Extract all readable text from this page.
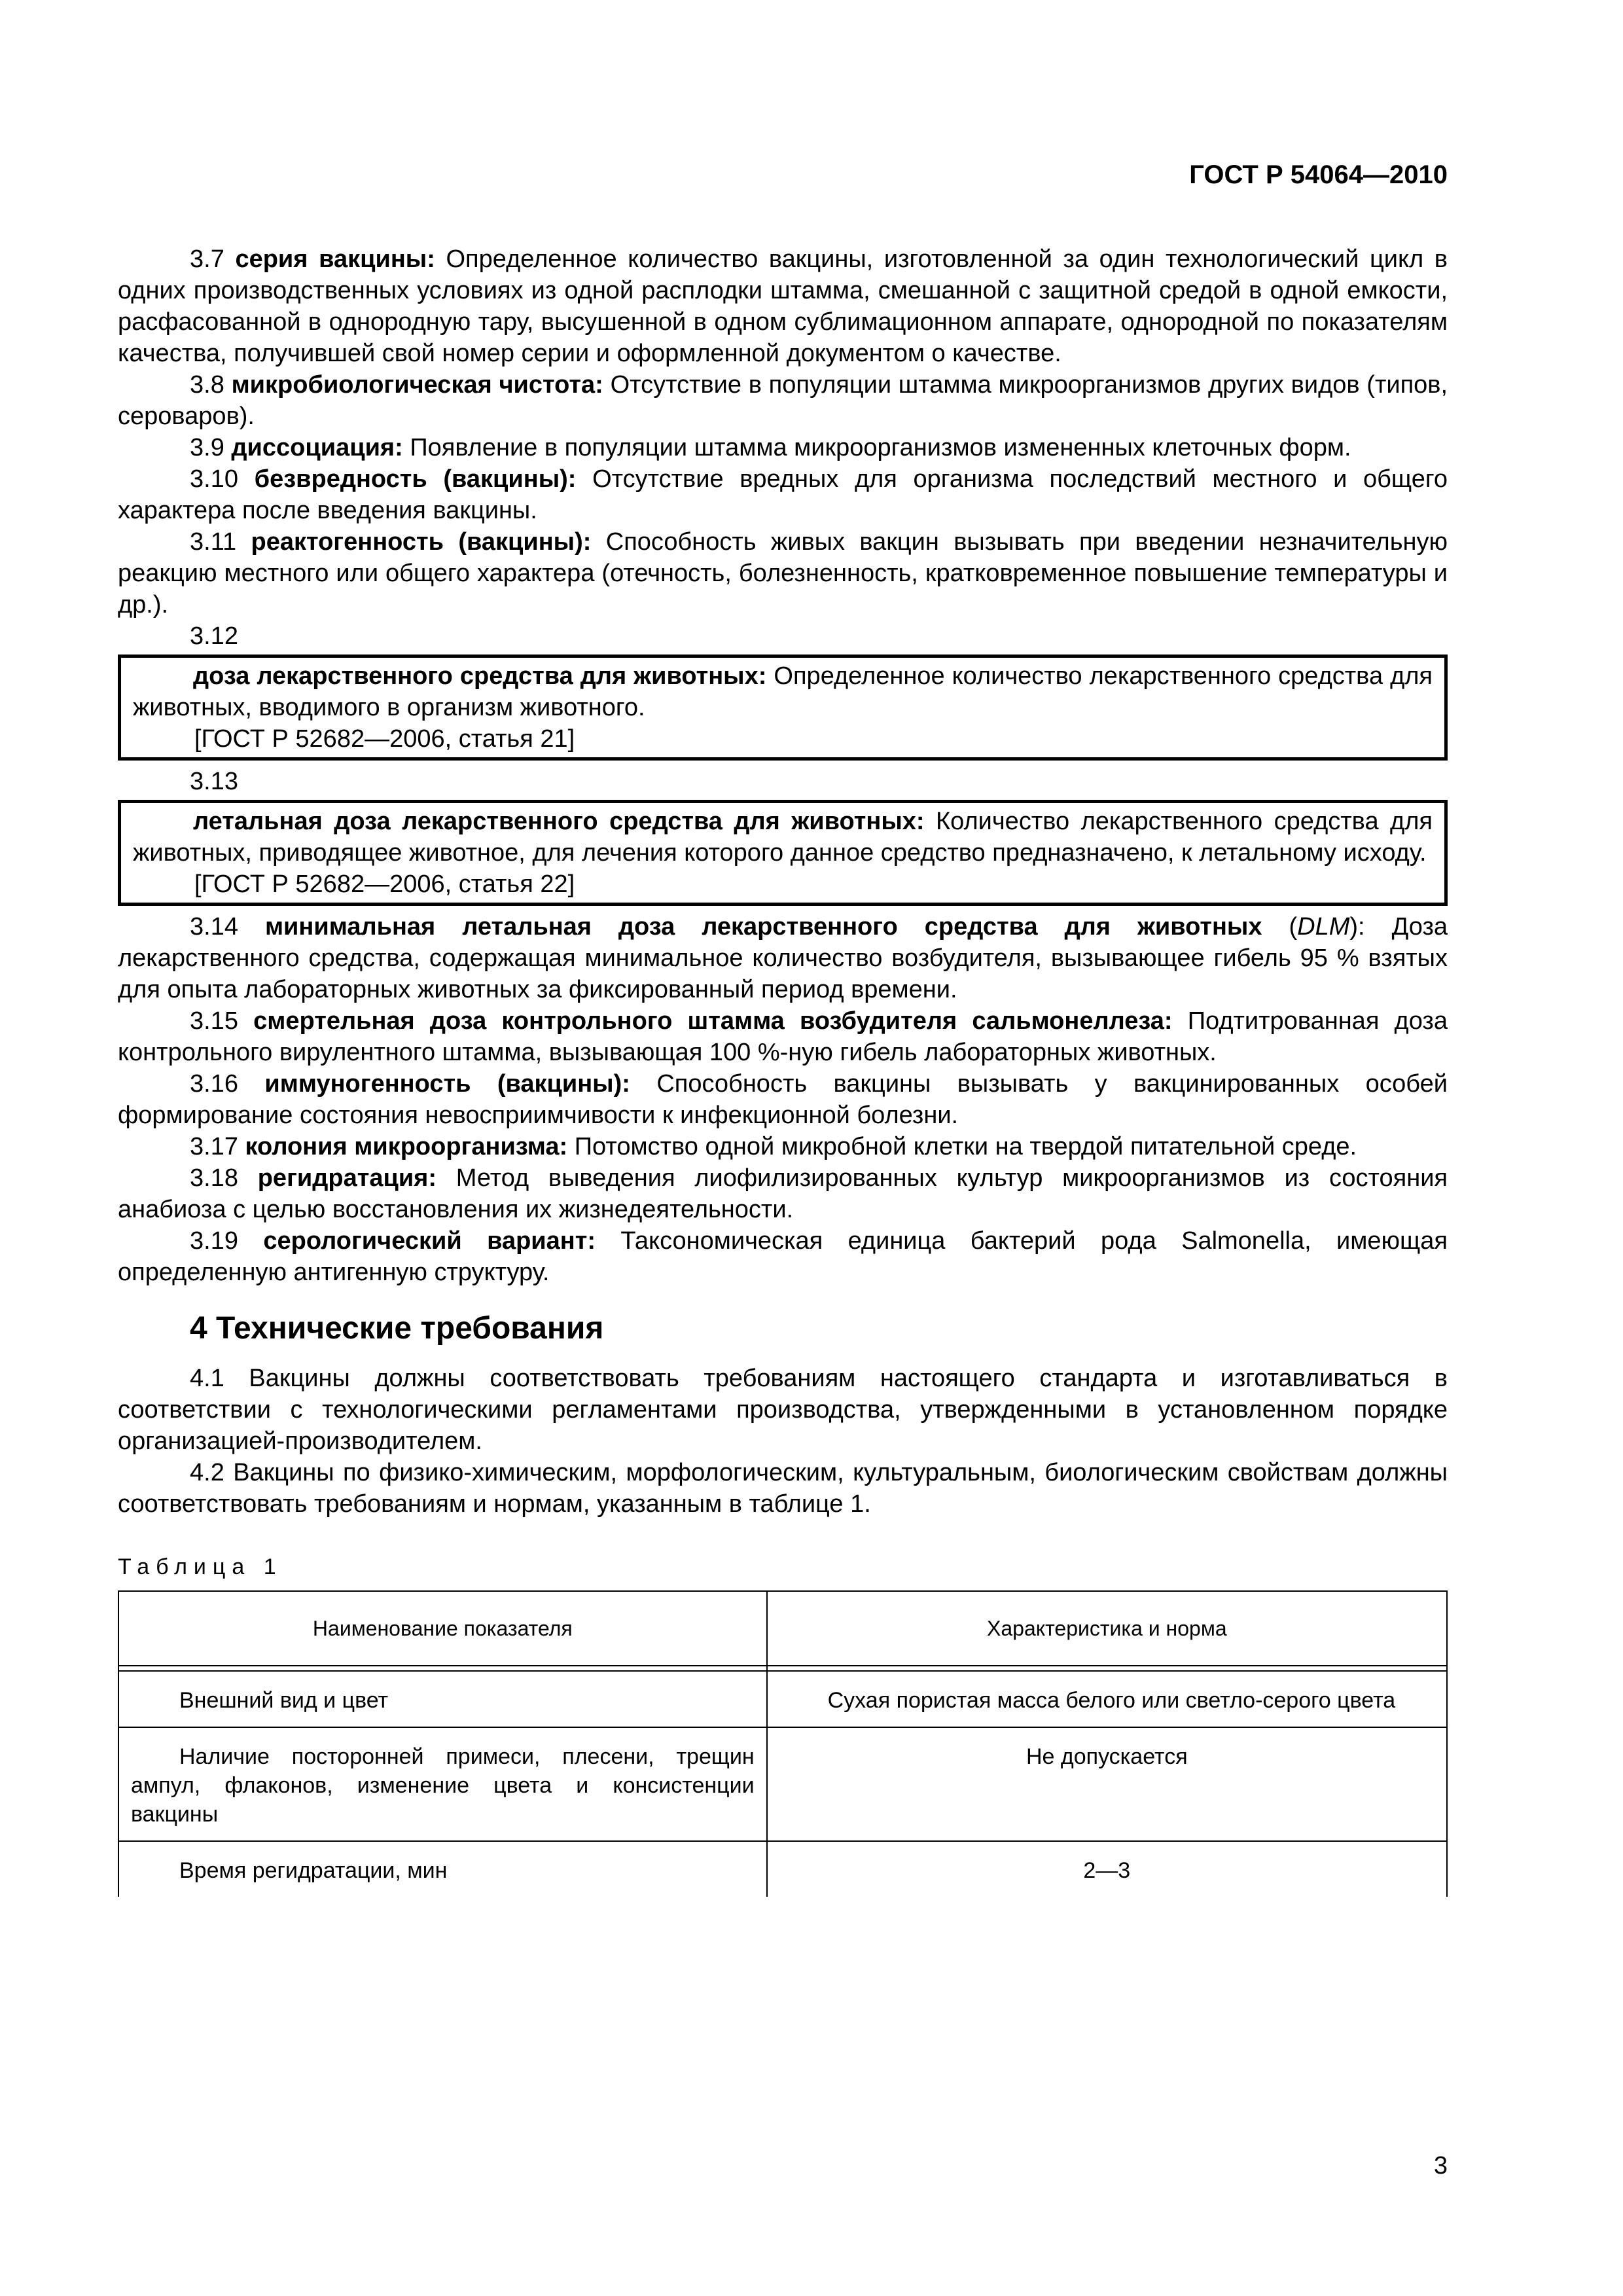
ГОСТ Р 54064—2010

3.7 серия вакцины: Определенное количество вакцины, изготовленной за один технологический цикл в одних производственных условиях из одной расплодки штамма, смешанной с защитной средой в одной емкости, расфасованной в однородную тару, высушенной в одном сублимационном аппарате, однородной по показателям качества, получившей свой номер серии и оформленной документом о качестве.

3.8 микробиологическая чистота: Отсутствие в популяции штамма микроорганизмов других видов (типов, сероваров).

3.9 диссоциация: Появление в популяции штамма микроорганизмов измененных клеточных форм.

3.10 безвредность (вакцины): Отсутствие вредных для организма последствий местного и общего характера после введения вакцины.

3.11 реактогенность (вакцины): Способность живых вакцин вызывать при введении незначительную реакцию местного или общего характера (отечность, болезненность, кратковременное повышение температуры и др.).

3.12

доза лекарственного средства для животных: Определенное количество лекарственного средства для животных, вводимого в организм животного.

[ГОСТ Р 52682—2006, статья 21]

3.13

летальная доза лекарственного средства для животных: Количество лекарственного средства для животных, приводящее животное, для лечения которого данное средство предназначено, к летальному исходу.

[ГОСТ Р 52682—2006, статья 22]

3.14 минимальная летальная доза лекарственного средства для животных (DLM): Доза лекарственного средства, содержащая минимальное количество возбудителя, вызывающее гибель 95 % взятых для опыта лабораторных животных за фиксированный период времени.

3.15 смертельная доза контрольного штамма возбудителя сальмонеллеза: Подтитрованная доза контрольного вирулентного штамма, вызывающая 100 %-ную гибель лабораторных животных.

3.16 иммуногенность (вакцины): Способность вакцины вызывать у вакцинированных особей формирование состояния невосприимчивости к инфекционной болезни.

3.17 колония микроорганизма: Потомство одной микробной клетки на твердой питательной среде.

3.18 регидратация: Метод выведения лиофилизированных культур микроорганизмов из состояния анабиоза с целью восстановления их жизнедеятельности.

3.19 серологический вариант: Таксономическая единица бактерий рода Salmonella, имеющая определенную антигенную структуру.

4 Технические требования

4.1 Вакцины должны соответствовать требованиям настоящего стандарта и изготавливаться в соответствии с технологическими регламентами производства, утвержденными в установленном порядке организацией-производителем.

4.2 Вакцины по физико-химическим, морфологическим, культуральным, биологическим свойствам должны соответствовать требованиям и нормам, указанным в таблице 1.

Таблица 1
Наименование показателя	Характеристика и норма

Внешний вид и цвет	Сухая пористая масса белого или светло-серого цвета

Наличие посторонней примеси, плесени, трещин ампул, флаконов, изменение цвета и консистенции вакцины	Не допускается

Время регидратации, мин	2—3
3
